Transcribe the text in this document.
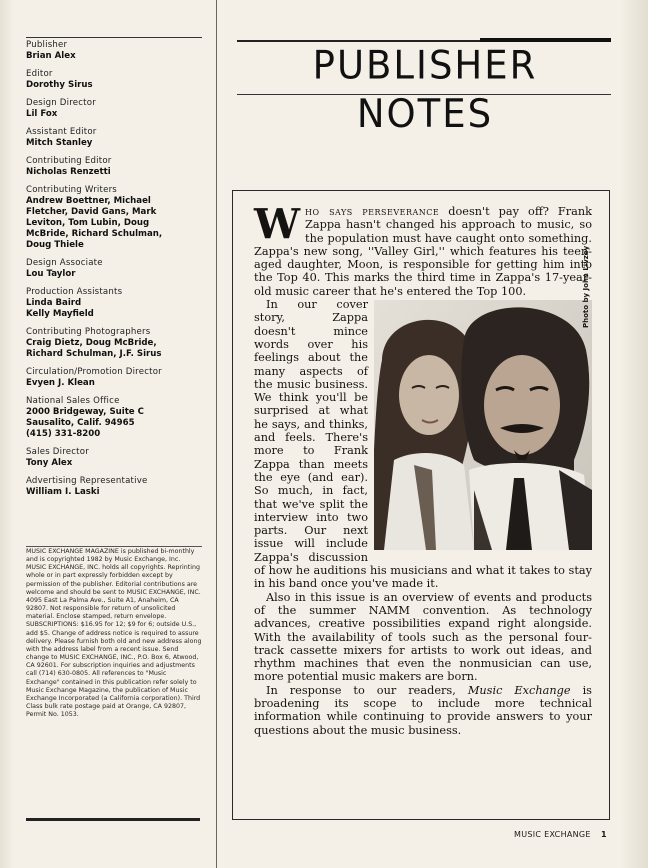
Publisher
Brian Alex
Editor
Dorothy Sirus
Design Director
Lil Fox
Assistant Editor
Mitch Stanley
Contributing Editor
Nicholas Renzetti
Contributing Writers
Andrew Boettner, Michael
Fletcher, David Gans, Mark
Leviton, Tom Lubin, Doug
McBride, Richard Schulman,
Doug Thiele
Design Associate
Lou Taylor
Production Assistants
Linda Baird
Kelly Mayfield
Contributing Photographers
Craig Dietz, Doug McBride,
Richard Schulman, J.F. Sirus
Circulation/Promotion Director
Evyen J. Klean
National Sales Office
2000 Bridgeway, Suite C
Sausalito, Calif. 94965
(415) 331-8200
Sales Director
Tony Alex
Advertising Representative
William I. Laski
MUSIC EXCHANGE MAGAZINE is published bi-monthly and is copyrighted 1982 by Music Exchange, Inc. MUSIC EXCHANGE, INC. holds all copyrights. Reprinting whole or in part expressly forbidden except by permission of the publisher. Editorial contributions are welcome and should be sent to MUSIC EXCHANGE, INC. 4095 East La Palma Ave., Suite A1, Anaheim, CA 92807. Not responsible for return of unsolicited material. Enclose stamped, return envelope. SUBSCRIPTIONS: $16.95 for 12; $9 for 6; outside U.S., add $5. Change of address notice is required to assure delivery. Please furnish both old and new address along with the address label from a recent issue. Send change to MUSIC EXCHANGE, INC., P.O. Box 6, Atwood, CA 92601. For subscription inquiries and adjustments call (714) 630-0805. All references to "Music Exchange" contained in this publication refer solely to Music Exchange Magazine, the publication of Music Exchange Incorporated (a California corporation). Third Class bulk rate postage paid at Orange, CA 92807, Permit No. 1053.
PUBLISHER NOTES

Who says perseverance doesn't pay off? Frank Zappa hasn't changed his approach to music, so the population must have caught onto something. Zappa's new song, ''Valley Girl,'' which features his teen-aged daughter, Moon, is responsible for getting him into the Top 40. This marks the third time in Zappa's 17-year-old music career that he's entered the Top 100.

In our cover story, Zappa doesn't mince words over his feelings about the many aspects of the music business. We think you'll be surprised at what he says, and thinks, and feels. There's more to Frank Zappa than meets the eye (and ear). So much, in fact, that we've split the interview into two parts. Our next issue will include Zappa's discussion of how he auditions his musicians and what it takes to stay in his band once you've made it.

Also in this issue is an overview of events and products of the summer NAMM convention. As technology advances, creative possibilities expand right alongside. With the availability of tools such as the personal four-track cassette mixers for artists to work out ideas, and rhythm machines that even the nonmusician can use, more potential music makers are born.

In response to our readers, Music Exchange is broadening its scope to include more technical information while continuing to provide answers to your questions about the music business.

Photo by John Livzey
MUSIC EXCHANGE 1
